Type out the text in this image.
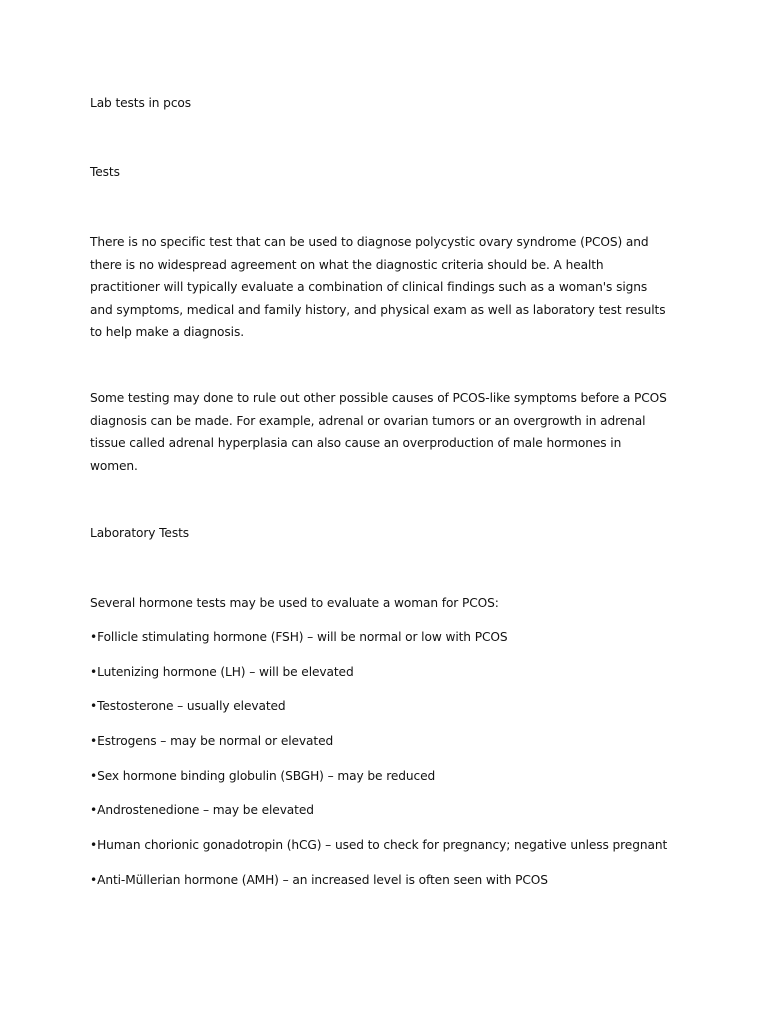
Lab tests in pcos
Tests
There is no specific test that can be used to diagnose polycystic ovary syndrome (PCOS) and
there is no widespread agreement on what the diagnostic criteria should be. A health
practitioner will typically evaluate a combination of clinical findings such as a woman's signs
and symptoms, medical and family history, and physical exam as well as laboratory test results
to help make a diagnosis.
Some testing may done to rule out other possible causes of PCOS-like symptoms before a PCOS
diagnosis can be made. For example, adrenal or ovarian tumors or an overgrowth in adrenal
tissue called adrenal hyperplasia can also cause an overproduction of male hormones in
women.
Laboratory Tests
Several hormone tests may be used to evaluate a woman for PCOS:
•Follicle stimulating hormone (FSH) – will be normal or low with PCOS
•Lutenizing hormone (LH) – will be elevated
•Testosterone – usually elevated
•Estrogens – may be normal or elevated
•Sex hormone binding globulin (SBGH) – may be reduced
•Androstenedione – may be elevated
•Human chorionic gonadotropin (hCG) – used to check for pregnancy; negative unless pregnant
•Anti-Müllerian hormone (AMH) – an increased level is often seen with PCOS
